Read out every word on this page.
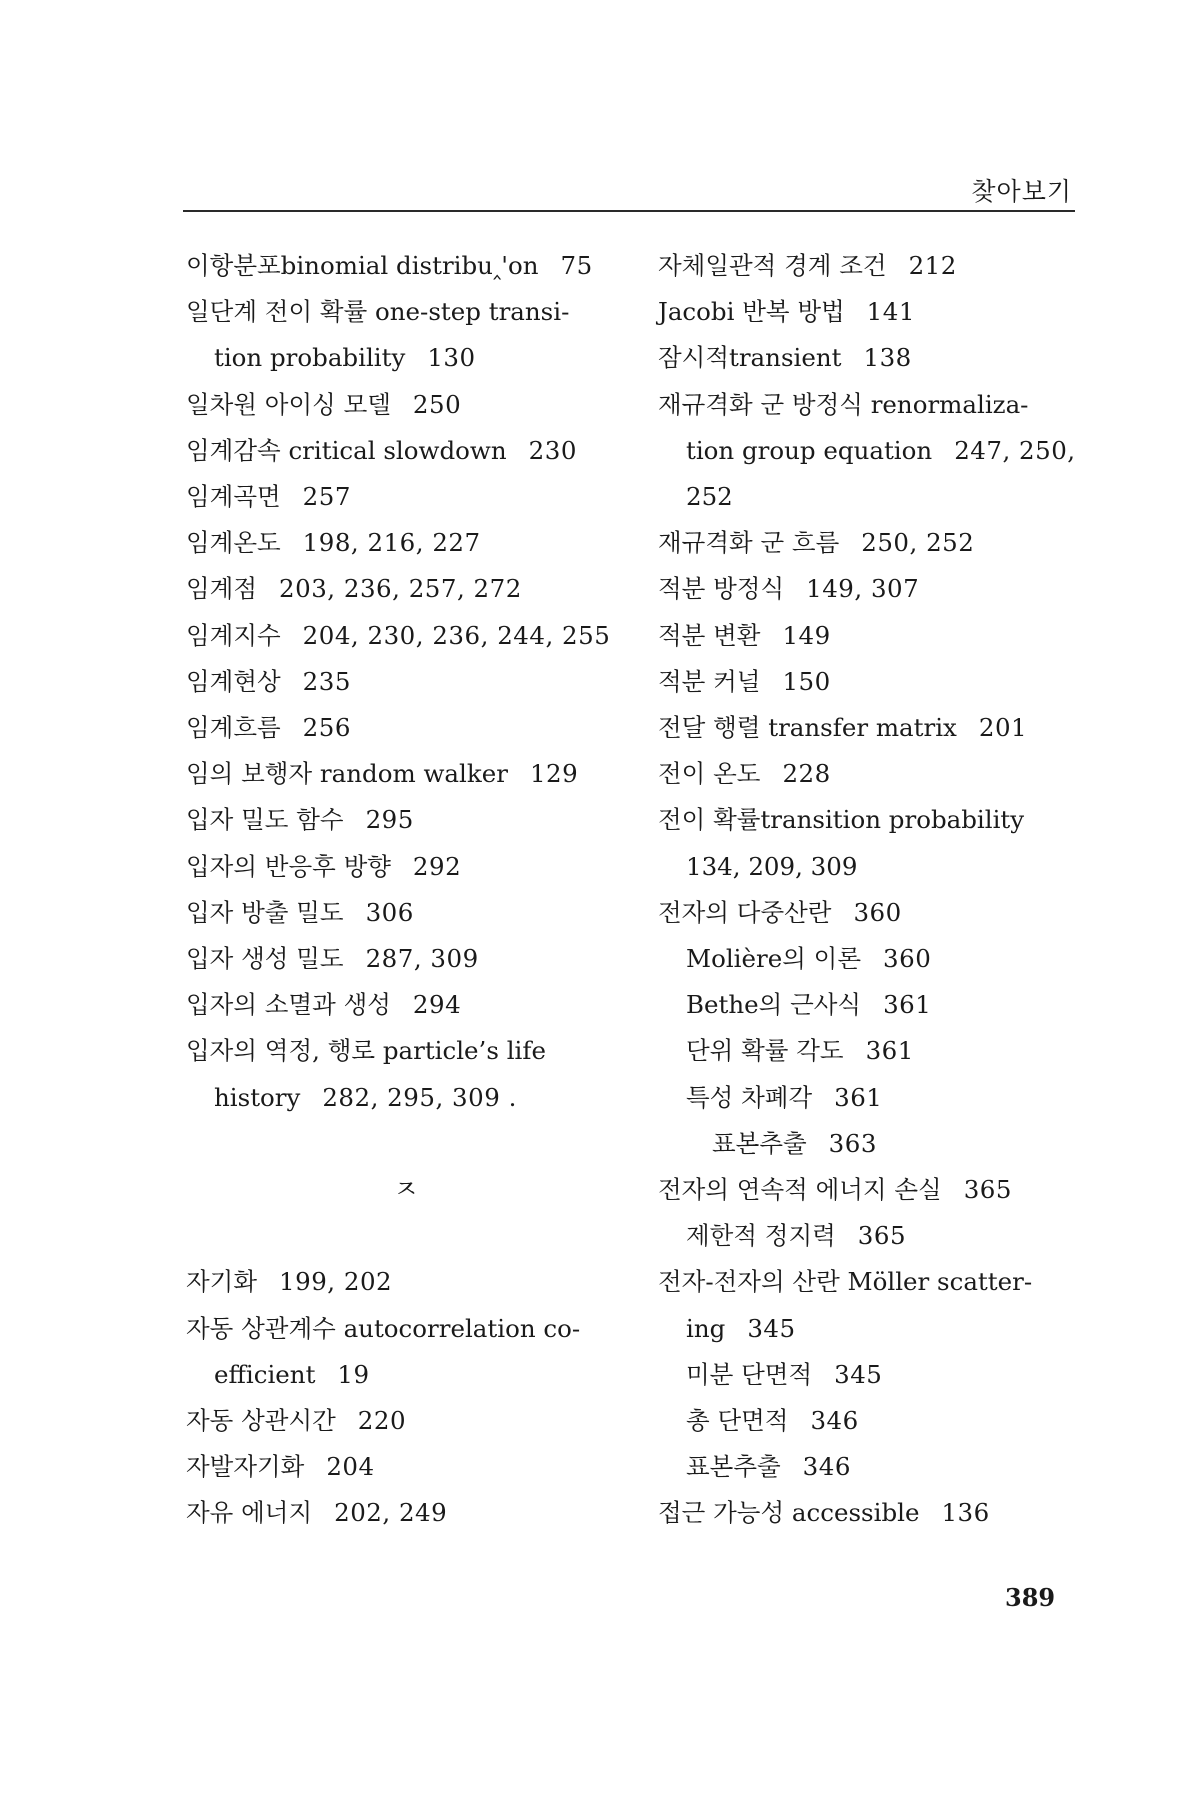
찾아보기
이항분포binomial distribu‸'on 75
일단계 전이 확률 one-step transi-
tion probability 130
일차원 아이싱 모델 250
임계감속 critical slowdown 230
임계곡면 257
임계온도 198, 216, 227
임계점 203, 236, 257, 272
임계지수 204, 230, 236, 244, 255
임계현상 235
임계흐름 256
임의 보행자 random walker 129
입자 밀도 함수 295
입자의 반응후 방향 292
입자 방출 밀도 306
입자 생성 밀도 287, 309
입자의 소멸과 생성 294
입자의 역정, 행로 particle’s life
history 282, 295, 309 .
ㅈ
자기화 199, 202
자동 상관계수 autocorrelation co-
efficient 19
자동 상관시간 220
자발자기화 204
자유 에너지 202, 249
자체일관적 경계 조건 212
Jacobi 반복 방법 141
잠시적transient 138
재규격화 군 방정식 renormaliza-
tion group equation 247, 250,
252
재규격화 군 흐름 250, 252
적분 방정식 149, 307
적분 변환 149
적분 커널 150
전달 행렬 transfer matrix 201
전이 온도 228
전이 확률transition probability
134, 209, 309
전자의 다중산란 360
Molière의 이론 360
Bethe의 근사식 361
단위 확률 각도 361
특성 차폐각 361
표본추출 363
전자의 연속적 에너지 손실 365
제한적 정지력 365
전자-전자의 산란 Möller scatter-
ing 345
미분 단면적 345
총 단면적 346
표본추출 346
접근 가능성 accessible 136
389
